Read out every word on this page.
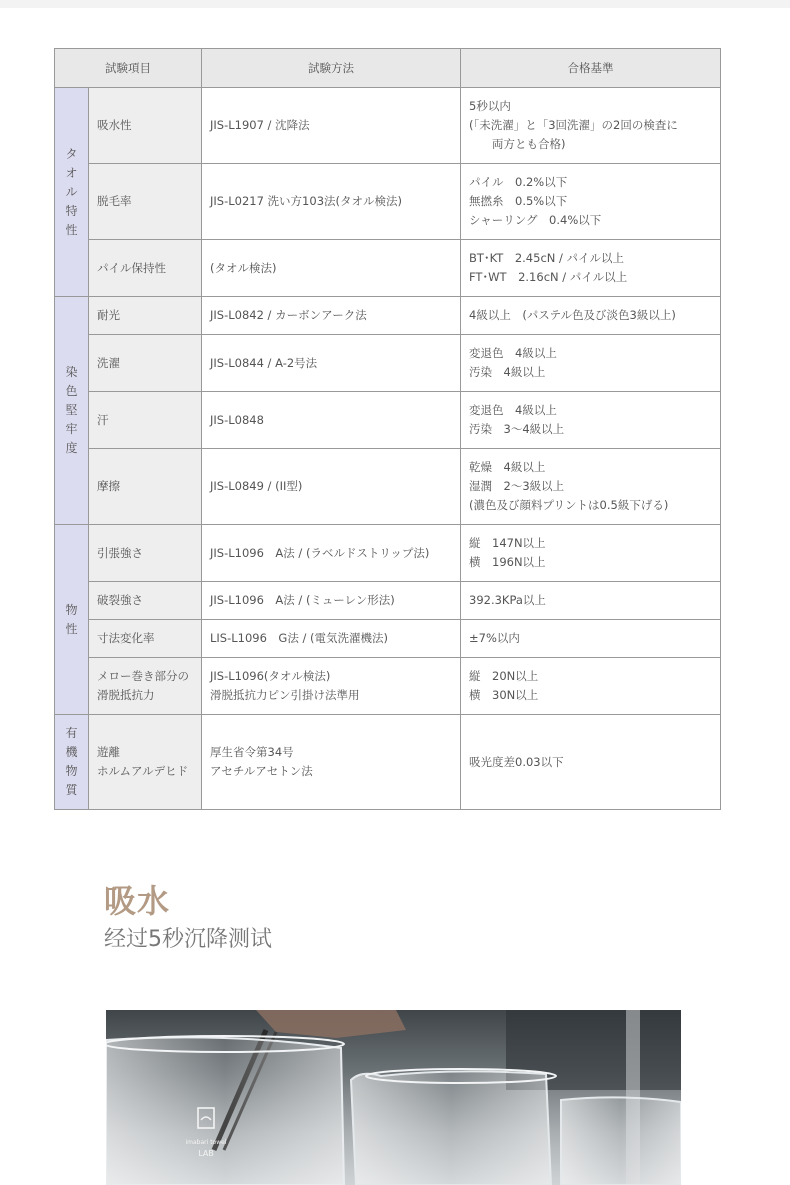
試験項目		試験方法	合格基準

タ
オ
ル
特
性	吸水性	JIS-L1907 / 沈降法	5秒以内
(「未洗濯」と「3回洗濯」の2回の検査に
　　両方とも合格)

	脱毛率	JIS-L0217 洗い方103法(タオル検法)	パイル　0.2%以下
無撚糸　0.5%以下
シャーリング　0.4%以下

	パイル保持性	(タオル検法)	BT･KT　2.45cN / パイル以上
FT･WT　2.16cN / パイル以上

染
色
堅
牢
度	耐光	JIS-L0842 / カーボンアーク法	4級以上　(パステル色及び淡色3級以上)

	洗濯	JIS-L0844 / A-2号法	変退色　4級以上
汚染　4級以上

	汗	JIS-L0848	変退色　4級以上
汚染　3～4級以上

	摩擦	JIS-L0849 / (II型)	乾燥　4級以上
湿潤　2～3級以上
(濃色及び顔料プリントは0.5級下げる)

物
性	引張強さ	JIS-L1096　A法 / (ラベルドストリップ法)	縦　147N以上
横　196N以上

	破裂強さ	JIS-L1096　A法 / (ミューレン形法)	392.3KPa以上

	寸法変化率	LIS-L1096　G法 / (電気洗濯機法)	±7%以内

	メロー巻き部分の
滑脱抵抗力	JIS-L1096(タオル検法)
滑脱抵抗力ピン引掛け法準用	縦　20N以上
横　30N以上

有
機
物
質	遊離
ホルムアルデヒド	厚生省令第34号
アセチルアセトン法	吸光度差0.03以下
吸水

经过5秒沉降测试

imabari towel
LAB
